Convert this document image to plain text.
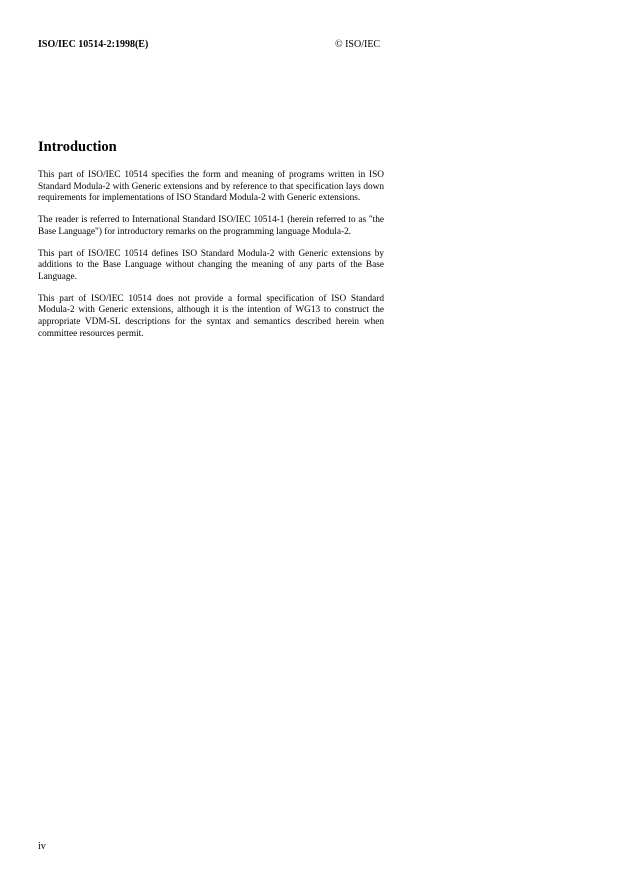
ISO/IEC 10514-2:1998(E)	© ISO/IEC
Introduction

This part of ISO/IEC 10514 specifies the form and meaning of programs written in ISO Standard Modula-2 with Generic extensions and by reference to that specification lays down requirements for implementations of ISO Standard Modula-2 with Generic extensions.

The reader is referred to International Standard ISO/IEC 10514-1 (herein referred to as "the Base Language") for introductory remarks on the programming language Modula-2.

This part of ISO/IEC 10514 defines ISO Standard Modula-2 with Generic extensions by additions to the Base Language without changing the meaning of any parts of the Base Language.

This part of ISO/IEC 10514 does not provide a formal specification of ISO Standard Modula-2 with Generic extensions, although it is the intention of WG13 to construct the appropriate VDM-SL descriptions for the syntax and semantics described herein when committee resources permit.

iv
